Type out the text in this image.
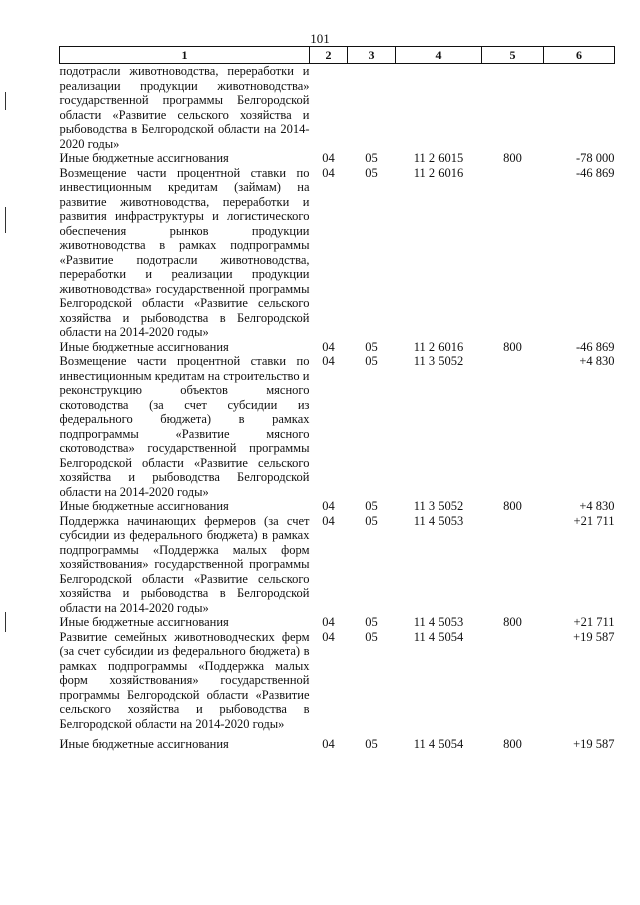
101
1	2	3	4	5	6
подотрасли животноводства, переработки и реализации продукции животноводства» государственной программы Белгородской области «Развитие сельского хозяйства и рыбоводства в Белгородской области на 2014-2020 годы»					
Иные бюджетные ассигнования	04	05	11 2 6015	800	-78 000
Возмещение части процентной ставки по инвестиционным кредитам (займам) на развитие животноводства, переработки и развития инфраструктуры и логистического обеспечения рынков продукции животноводства в рамках подпрограммы «Развитие подотрасли животноводства, переработки и реализации продукции животноводства» государственной программы Белгородской области «Развитие сельского хозяйства и рыбоводства в Белгородской области на 2014-2020 годы»	04	05	11 2 6016		-46 869
Иные бюджетные ассигнования	04	05	11 2 6016	800	-46 869
Возмещение части процентной ставки по инвестиционным кредитам на строительство и реконструкцию объектов мясного скотоводства (за счет субсидии из федерального бюджета) в рамках подпрограммы «Развитие мясного скотоводства» государственной программы Белгородской области «Развитие сельского хозяйства и рыбоводства Белгородской области на 2014-2020 годы»	04	05	11 3 5052		+4 830
Иные бюджетные ассигнования	04	05	11 3 5052	800	+4 830
Поддержка начинающих фермеров (за счет субсидии из федерального бюджета) в рамках подпрограммы «Поддержка малых форм хозяйствования» государственной программы Белгородской области «Развитие сельского хозяйства и рыбоводства в Белгородской области на 2014-2020 годы»	04	05	11 4 5053		+21 711
Иные бюджетные ассигнования	04	05	11 4 5053	800	+21 711
Развитие семейных животноводческих ферм (за счет субсидии из федерального бюджета) в рамках подпрограммы «Поддержка малых форм хозяйствования» государственной программы Белгородской области «Развитие сельского хозяйства и рыбоводства в Белгородской области на 2014-2020 годы»	04	05	11 4 5054		+19 587
Иные бюджетные ассигнования	04	05	11 4 5054	800	+19 587
